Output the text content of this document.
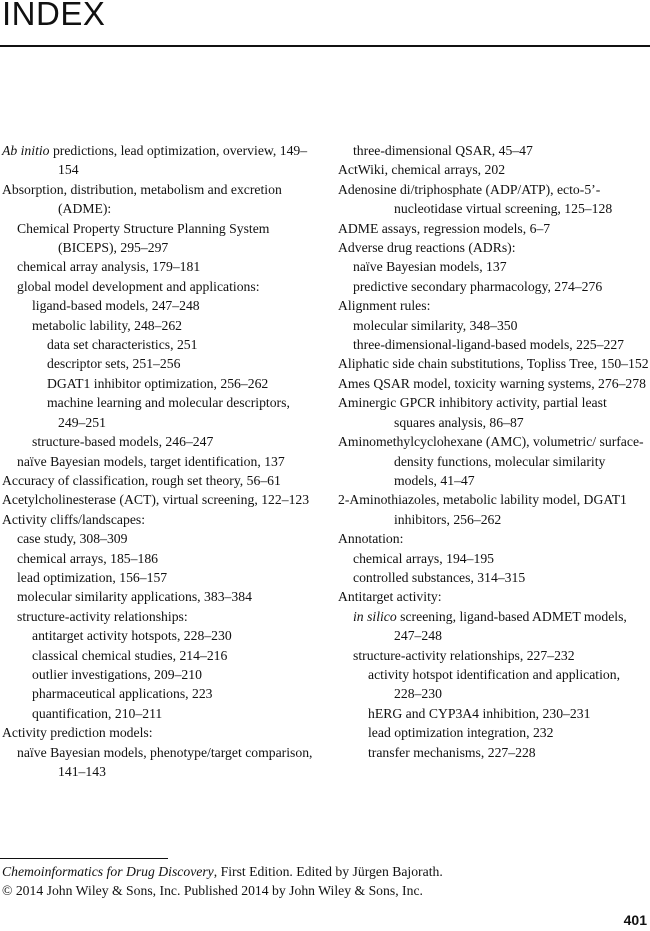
INDEX
Ab initio predictions, lead optimization, overview, 149–154
Absorption, distribution, metabolism and excretion (ADME):
Chemical Property Structure Planning System (BICEPS), 295–297
chemical array analysis, 179–181
global model development and applications:
ligand-based models, 247–248
metabolic lability, 248–262
data set characteristics, 251
descriptor sets, 251–256
DGAT1 inhibitor optimization, 256–262
machine learning and molecular descriptors, 249–251
structure-based models, 246–247
naïve Bayesian models, target identification, 137
Accuracy of classification, rough set theory, 56–61
Acetylcholinesterase (ACT), virtual screening, 122–123
Activity cliffs/landscapes:
case study, 308–309
chemical arrays, 185–186
lead optimization, 156–157
molecular similarity applications, 383–384
structure-activity relationships:
antitarget activity hotspots, 228–230
classical chemical studies, 214–216
outlier investigations, 209–210
pharmaceutical applications, 223
quantification, 210–211
Activity prediction models:
naïve Bayesian models, phenotype/target comparison, 141–143
three-dimensional QSAR, 45–47
ActWiki, chemical arrays, 202
Adenosine di/triphosphate (ADP/ATP), ecto-5’-nucleotidase virtual screening, 125–128
ADME assays, regression models, 6–7
Adverse drug reactions (ADRs):
naïve Bayesian models, 137
predictive secondary pharmacology, 274–276
Alignment rules:
molecular similarity, 348–350
three-dimensional-ligand-based models, 225–227
Aliphatic side chain substitutions, Topliss Tree, 150–152
Ames QSAR model, toxicity warning systems, 276–278
Aminergic GPCR inhibitory activity, partial least squares analysis, 86–87
Aminomethylcyclohexane (AMC), volumetric/ surface-density functions, molecular similarity models, 41–47
2-Aminothiazoles, metabolic lability model, DGAT1 inhibitors, 256–262
Annotation:
chemical arrays, 194–195
controlled substances, 314–315
Antitarget activity:
in silico screening, ligand-based ADMET models, 247–248
structure-activity relationships, 227–232
activity hotspot identification and application, 228–230
hERG and CYP3A4 inhibition, 230–231
lead optimization integration, 232
transfer mechanisms, 227–228
Chemoinformatics for Drug Discovery, First Edition. Edited by Jürgen Bajorath.
© 2014 John Wiley & Sons, Inc. Published 2014 by John Wiley & Sons, Inc.
401
